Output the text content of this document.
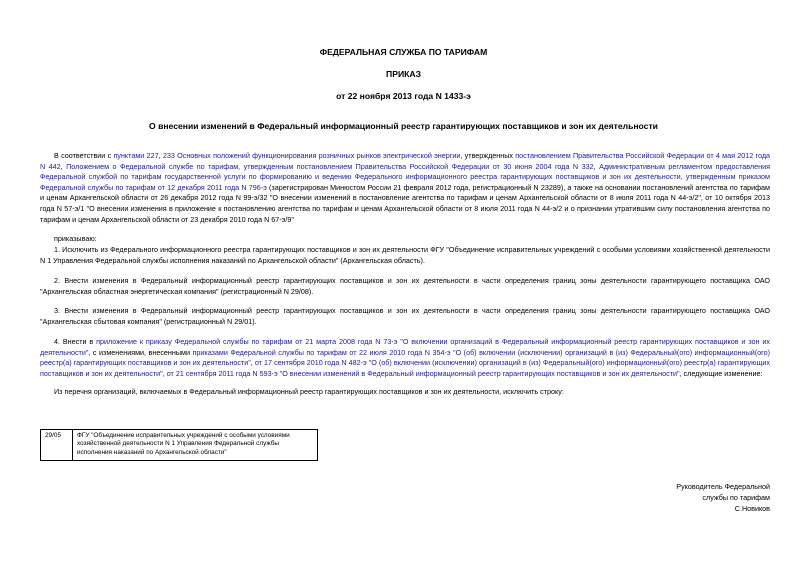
ФЕДЕРАЛЬНАЯ СЛУЖБА ПО ТАРИФАМ
ПРИКАЗ
от 22 ноября 2013 года N 1433-э
О внесении изменений в Федеральный информационный реестр гарантирующих поставщиков и зон их деятельности
В соответствии с пунктами 227, 233 Основных положений функционирования розничных рынков электрической энергии, утвержденных постановлением Правительства Российской Федерации от 4 мая 2012 года N 442, Положением о Федеральной службе по тарифам, утвержденным постановлением Правительства Российской Федерации от 30 июня 2004 года N 332, Административным регламентом предоставления Федеральной службой по тарифам государственной услуги по формированию и ведению Федерального информационного реестра гарантирующих поставщиков и зон их деятельности, утвержденным приказом Федеральной службы по тарифам от 12 декабря 2011 года N 796-э (зарегистрирован Минюстом России 21 февраля 2012 года, регистрационный N 23289), а также на основании постановлений агентства по тарифам и ценам Архангельской области от 26 декабря 2012 года N 99-э/32 "О внесении изменений в постановление агентства по тарифам и ценам Архангельской области от 8 июля 2011 года N 44-э/2", от 10 октября 2013 года N 57-э/1 "О внесении изменения в приложение к постановлению агентства по тарифам и ценам Архангельской области от 8 июля 2011 года N 44-э/2 и о признании утратившим силу постановления агентства по тарифам и ценам Архангельской области от 23 декабря 2010 года N 67-э/9"
приказываю:
1. Исключить из Федерального информационного реестра гарантирующих поставщиков и зон их деятельности ФГУ "Объединение исправительных учреждений с особыми условиями хозяйственной деятельности N 1 Управления Федеральной службы исполнения наказаний по Архангельской области" (Архангельская область).
2. Внести изменения в Федеральный информационный реестр гарантирующих поставщиков и зон их деятельности в части определения границ зоны деятельности гарантирующего поставщика ОАО "Архангельская областная энергетическая компания" (регистрационный N 29/08).
3. Внести изменения в Федеральный информационный реестр гарантирующих поставщиков и зон их деятельности в части определения границ зоны деятельности гарантирующего поставщика ОАО "Архангельская сбытовая компания" (регистрационный N 29/01).
4. Внести в приложение к приказу Федеральной службы по тарифам от 21 марта 2008 года N 73-э "О включении организаций в Федеральный информационный реестр гарантирующих поставщиков и зон их деятельности", с изменениями, внесенными приказами Федеральной службы по тарифам от 22 июля 2010 года N 354-э "О (об) включении (исключении) организаций в (из) Федеральный(ого) информационный(ого) реестр(а) гарантирующих поставщиков и зон их деятельности", от 17 сентября 2010 года N 482-э "О (об) включении (исключении) организаций в (из) Федеральный(ого) информационный(ого) реестр(а) гарантирующих поставщиков и зон их деятельности", от 21 сентября 2011 года N 593-э "О внесении изменений в Федеральный информационный реестр гарантирующих поставщиков и зон их деятельности", следующие изменение:
Из перечня организаций, включаемых в Федеральный информационный реестр гарантирующих поставщиков и зон их деятельности, исключить строку:
29/05	ФГУ "Объединение исправительных учреждений с особыми условиями
хозяйственной деятельности N 1 Управления Федеральной службы
исполнения наказаний по Архангельской области"
Руководитель Федеральной
службы по тарифам
С.Новиков
